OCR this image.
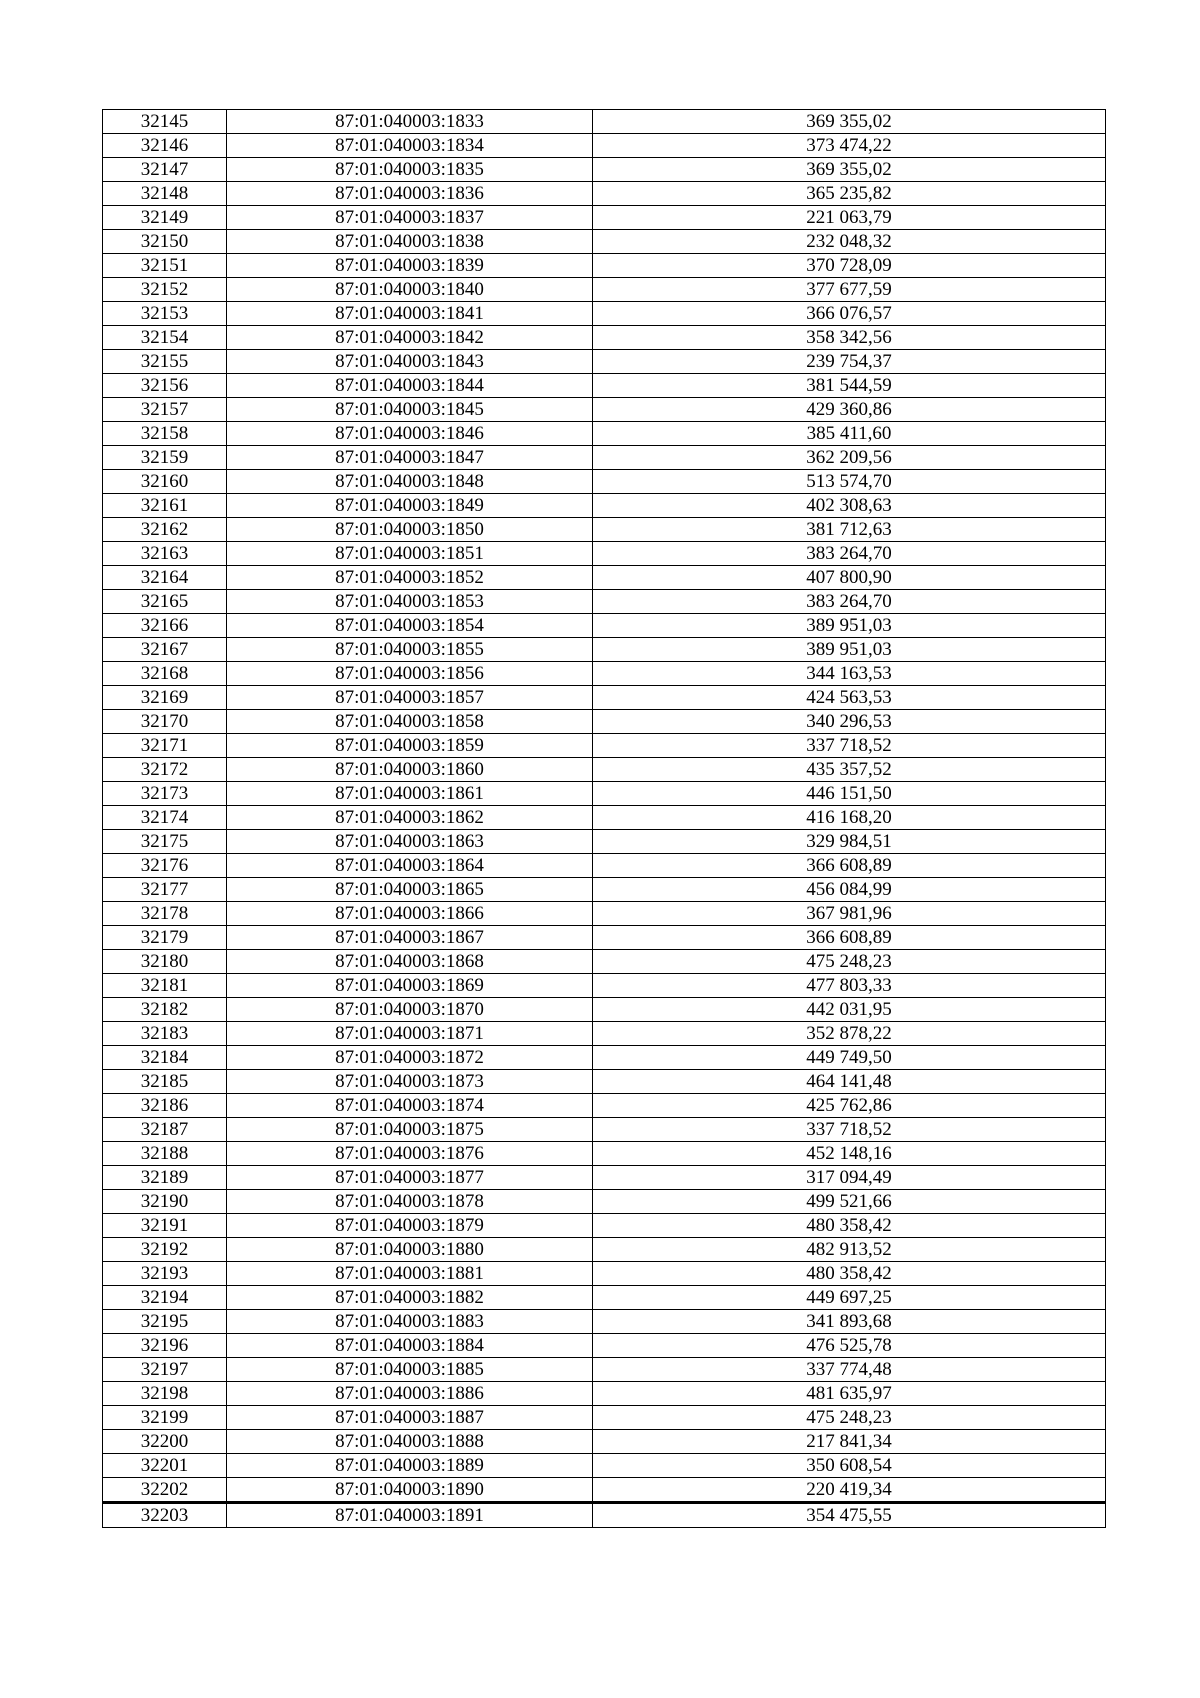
32145	87:01:040003:1833	369 355,02
32146	87:01:040003:1834	373 474,22
32147	87:01:040003:1835	369 355,02
32148	87:01:040003:1836	365 235,82
32149	87:01:040003:1837	221 063,79
32150	87:01:040003:1838	232 048,32
32151	87:01:040003:1839	370 728,09
32152	87:01:040003:1840	377 677,59
32153	87:01:040003:1841	366 076,57
32154	87:01:040003:1842	358 342,56
32155	87:01:040003:1843	239 754,37
32156	87:01:040003:1844	381 544,59
32157	87:01:040003:1845	429 360,86
32158	87:01:040003:1846	385 411,60
32159	87:01:040003:1847	362 209,56
32160	87:01:040003:1848	513 574,70
32161	87:01:040003:1849	402 308,63
32162	87:01:040003:1850	381 712,63
32163	87:01:040003:1851	383 264,70
32164	87:01:040003:1852	407 800,90
32165	87:01:040003:1853	383 264,70
32166	87:01:040003:1854	389 951,03
32167	87:01:040003:1855	389 951,03
32168	87:01:040003:1856	344 163,53
32169	87:01:040003:1857	424 563,53
32170	87:01:040003:1858	340 296,53
32171	87:01:040003:1859	337 718,52
32172	87:01:040003:1860	435 357,52
32173	87:01:040003:1861	446 151,50
32174	87:01:040003:1862	416 168,20
32175	87:01:040003:1863	329 984,51
32176	87:01:040003:1864	366 608,89
32177	87:01:040003:1865	456 084,99
32178	87:01:040003:1866	367 981,96
32179	87:01:040003:1867	366 608,89
32180	87:01:040003:1868	475 248,23
32181	87:01:040003:1869	477 803,33
32182	87:01:040003:1870	442 031,95
32183	87:01:040003:1871	352 878,22
32184	87:01:040003:1872	449 749,50
32185	87:01:040003:1873	464 141,48
32186	87:01:040003:1874	425 762,86
32187	87:01:040003:1875	337 718,52
32188	87:01:040003:1876	452 148,16
32189	87:01:040003:1877	317 094,49
32190	87:01:040003:1878	499 521,66
32191	87:01:040003:1879	480 358,42
32192	87:01:040003:1880	482 913,52
32193	87:01:040003:1881	480 358,42
32194	87:01:040003:1882	449 697,25
32195	87:01:040003:1883	341 893,68
32196	87:01:040003:1884	476 525,78
32197	87:01:040003:1885	337 774,48
32198	87:01:040003:1886	481 635,97
32199	87:01:040003:1887	475 248,23
32200	87:01:040003:1888	217 841,34
32201	87:01:040003:1889	350 608,54
32202	87:01:040003:1890	220 419,34
32203	87:01:040003:1891	354 475,55
